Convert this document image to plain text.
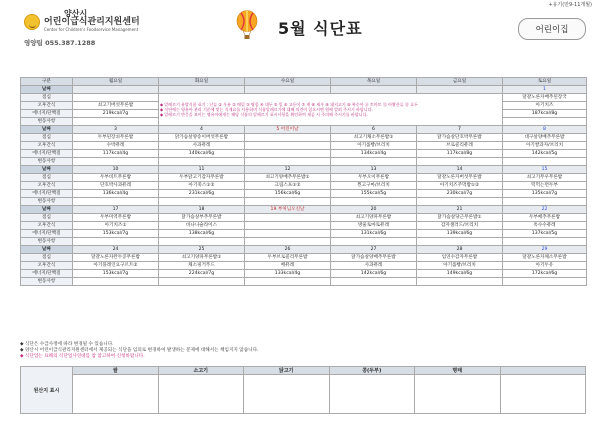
+유기(만9-11개월)
양산시
어린이급식관리지원센터
Center for Children's Foodservice Management
영양팀 055.387.1288
5월 식단표	어린이집
구분	월요일	화요일	수요일	목요일	금요일	토요일
날짜						1
점심		◆ 알레르기 유발식품 표기 : 난류 ① 우유 ② 메밀 ③ 땅콩 ④ 대두 ⑤ 밀 ⑥ 고등어 ⑦ 게 ⑧ 새우 ⑨ 돼지고기 ⑩ 복숭아 ⑪ 토마토 ⑫ 아황산류 ⑬ 호두
◆ 식단에는 영유아 관리 기준에 맞는 식재료를 사용하며 식품알레르기에 대해 의견이 있으시면 원에 알려 주시기 바랍니다.
◆ 알레르기 반응을 보이는 영유아에게는 해당 식품의 알레르기 표시사항을 확인하여 제공 시 주의해 주시기를 바랍니다.				달걀노른자배추된장국
오후간식	쇠고기버섯무른밥					아기치즈
에너지/단백질	219kcal/7g					187kcal/8g
변동사항						
날짜	3	4	5 어린이날	6	7	8
점심	두부된장쇠무른밥	닭가슴살양송이버섯무른밥		쇠고기채소무른밥①	닭가슴살단호박무른밥	대구살양배추무른밥
오후간식	수박퓨레	사과퓨레		아기롤빵/브리치	브로콜리퓨레	아기쌀과자/브리치
에너지/단백질	117kcal/4g	140kcal/6g		134kcal/4g	117kcal/8g	142kcal/5g
변동사항						
날짜	10	11	12	13	14	15
점심	두부비트무른밥	두부닭고기감자무른밥	쇠고기양배추무른밥①	두부오이무른밥	달걀노른자버섯무른밥	쇠고기무우무른밥
오후간식	단호박사과퓨레	아기죽스①②	크림스프①②	찐고구마/브리치	아기치즈주먹밥①②	떡먹는면두부
에너지/단백질	136kcal/4g	231kcal/6g	156kcal/6g	155kcal/5g	230kcal/7g	135kcal/7g
변동사항						
날짜	17	18	19 부처님오신날	20	21	22
점심	두부미역무른밥	닭가슴살부추무른밥		쇠고기양파무른밥	닭가슴살당근무른밥①	두부배추무른밥
오후간식	아기치즈①	바나나슬라이스		방울토마토퓨레	감자샐러드/브리치	옥수수퓨레
에너지/단백질	153kcal/7g	138kcal/6g		131kcal/6g	139kcal/6g	137kcal/5g
변동사항						
날짜	24	25	26	27	28	29
점심	달걀노른자완두콩무른밥	쇠고기양파무른밥①	두부브로콜리무른밥	닭가슴살양배추무른밥	임연수감자무른밥	달걀노른자채소무른밥
오후간식	아기플레인요구르트②	채소핑거푸드	배퓨레	사과퓨레	아기롤빵/브리치	아기두유
에너지/단백질	153kcal/7g	224kcal/7g	133kcal/4g	142kcal/6g	149kcal/6g	172kcal/6g
변동사항						
◆ 식단은 수급사정에 따라 변경될 수 있습니다.
◆ 양산시 어린이급식관리지원센터에서 제공되는 식단을 임의로 변경하여 발생하는 문제에 대해서는 책임지지 않습니다.
◆ 식단업는 표해의 식단업사연대를 참 참고하여 신청바랍니다.
원산지 표시	쌀	소고기	닭고기	콩(두부)	명태	
